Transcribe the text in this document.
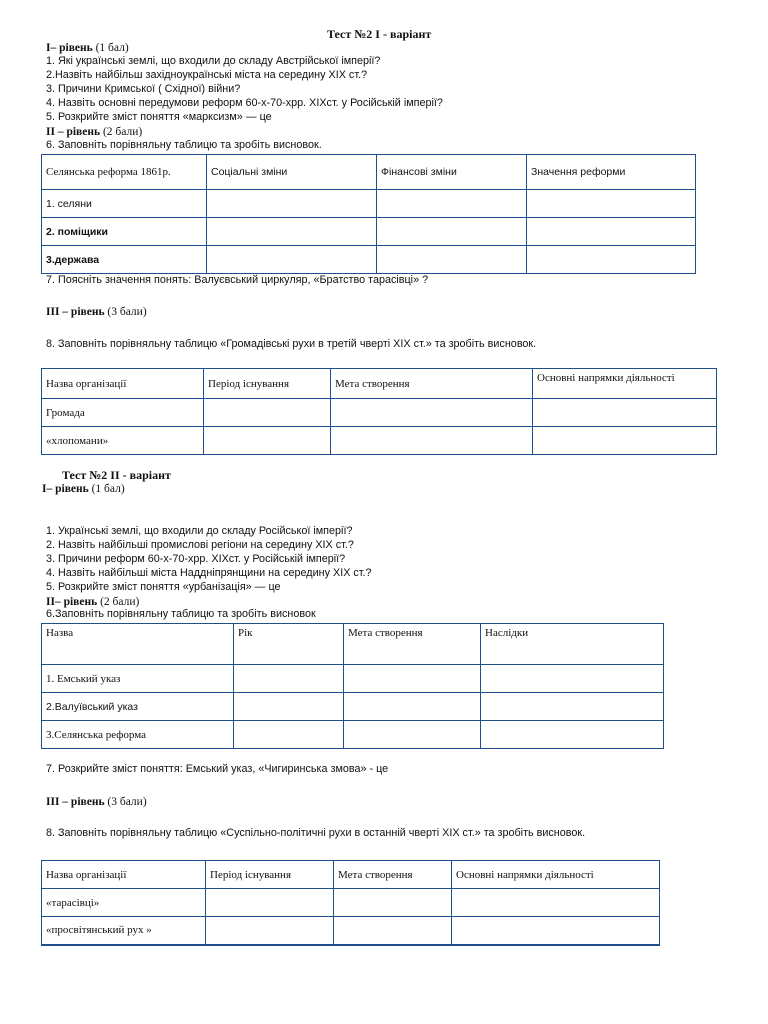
Тест №2 І - варіант
І– рівень (1 бал)
1. Які українські землі, що входили до складу Австрійської імперії?
2.Назвіть найбільш західноукраїнські міста на середину ХІХ ст.?
3. Причини Кримської ( Східної) війни?
4. Назвіть основні передумови реформ 60-х-70-хрр. ХІХст. у Російській імперії?
5. Розкрийте зміст поняття «марксизм» — це
ІІ – рівень (2 бали)
6. Заповніть порівняльну таблицю та зробіть висновок.
Селянська реформа 1861р.	Соціальні зміни	Фінансові зміни	Значення реформи
1. селяни			
2. поміщики			
3.держава			
7. Поясніть значення понять: Валуєвський циркуляр, «Братство тарасівці» ?
ІІІ – рівень (3 бали)
8. Заповніть порівняльну таблицю «Громадівські рухи в третій чверті ХІХ ст.» та зробіть висновок.
Назва організації	Період існування	Мета створення	Основні напрямки діяльності
Громада			
«хлопомани»			
Тест №2 ІІ - варіант
І– рівень (1 бал)
1. Українські землі, що входили до складу Російської імперії?
2. Назвіть найбільші промислові регіони на середину ХІХ ст.?
3. Причини реформ 60-х-70-хрр. ХІХст. у Російській імперії?
4. Назвіть найбільші міста Наддніпрянщини на середину ХІХ ст.?
5. Розкрийте зміст поняття «урбанізація» — це
ІІ– рівень (2 бали)
6.Заповніть порівняльну таблицю та зробіть висновок
Назва	Рік	Мета створення	Наслідки
1. Емський указ			
2.Валуївський указ			
3.Селянська реформа			
7. Розкрийте зміст поняття: Емський указ, «Чигиринська змова» - це
ІІІ – рівень (3 бали)
8. Заповніть порівняльну таблицю «Суспільно-політичні рухи в останній чверті ХІХ ст.» та зробіть висновок.
Назва організації	Період існування	Мета створення	Основні напрямки діяльності
«тарасівці»			
«просвітянський рух »			
